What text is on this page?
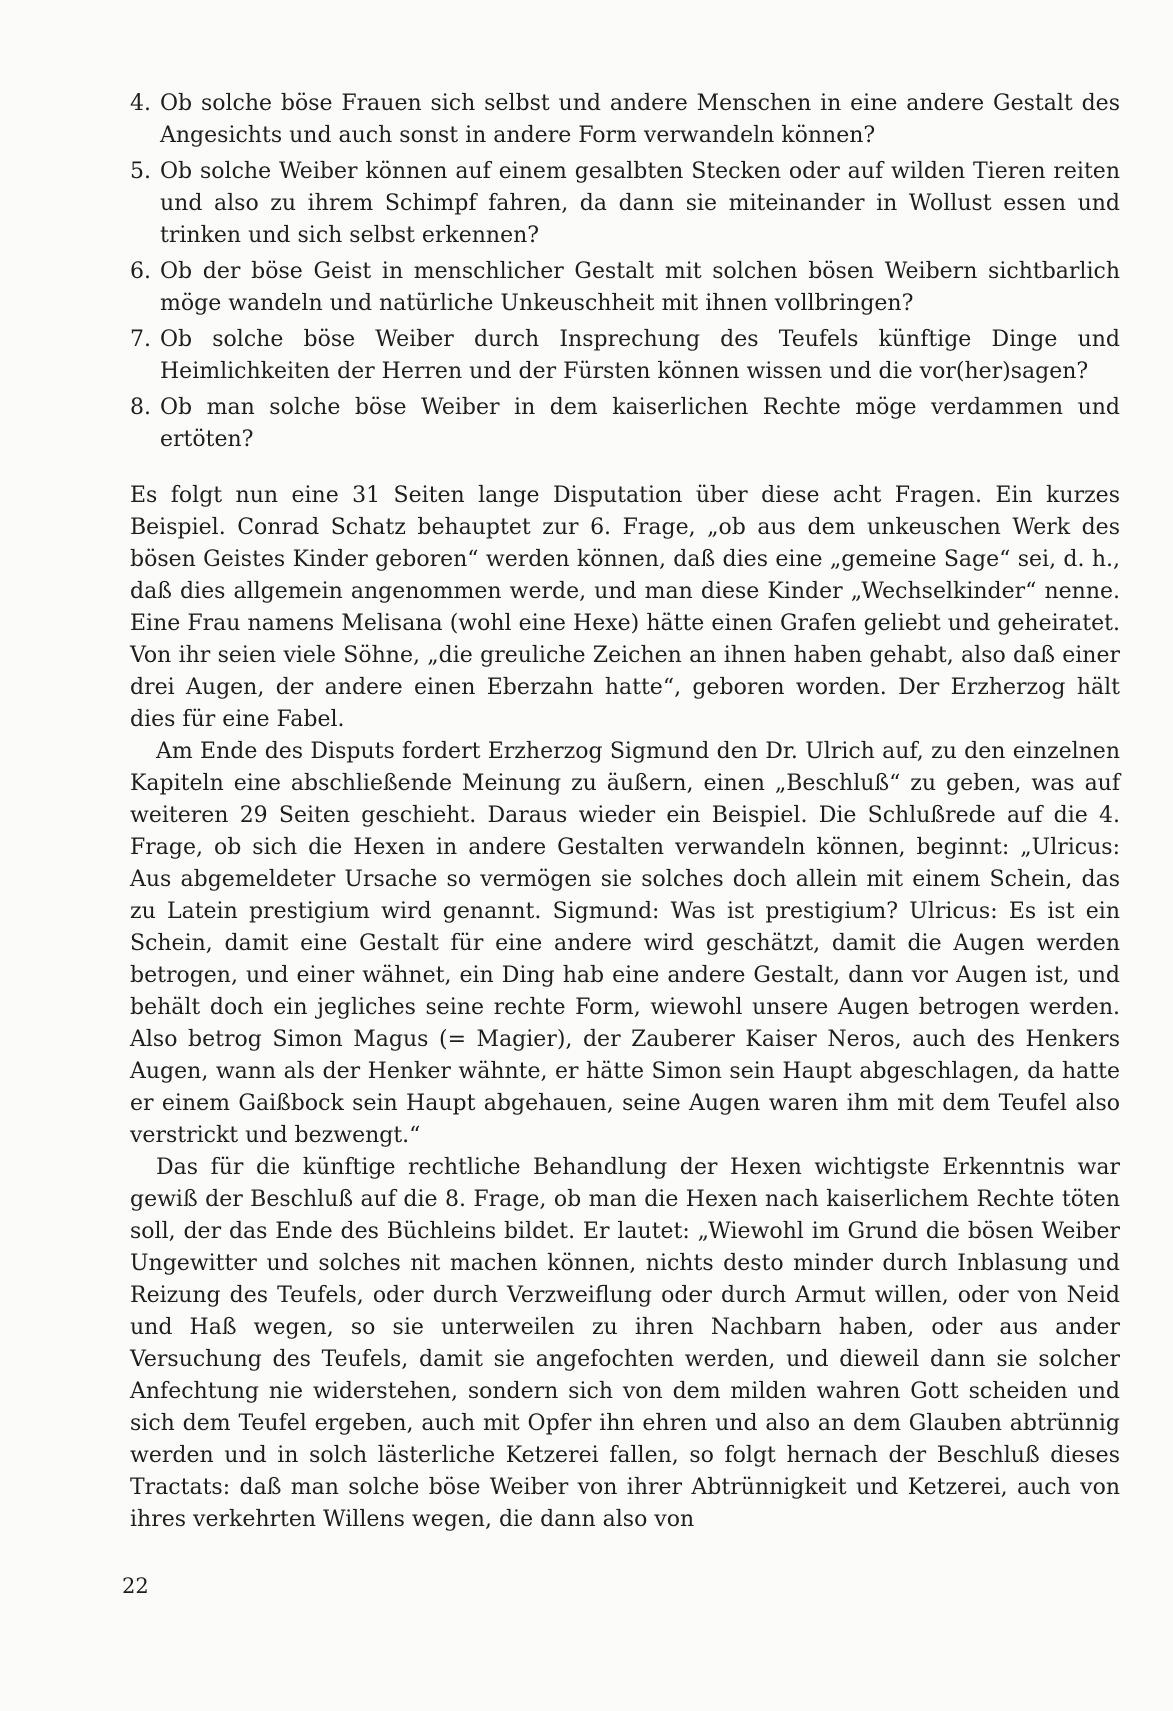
4. Ob solche böse Frauen sich selbst und andere Menschen in eine andere Gestalt des Angesichts und auch sonst in andere Form verwandeln können?
5. Ob solche Weiber können auf einem gesalbten Stecken oder auf wilden Tieren reiten und also zu ihrem Schimpf fahren, da dann sie miteinander in Wollust essen und trinken und sich selbst erkennen?
6. Ob der böse Geist in menschlicher Gestalt mit solchen bösen Weibern sichtbarlich möge wandeln und natürliche Unkeuschheit mit ihnen vollbringen?
7. Ob solche böse Weiber durch Insprechung des Teufels künftige Dinge und Heimlichkeiten der Herren und der Fürsten können wissen und die vor(her)sagen?
8. Ob man solche böse Weiber in dem kaiserlichen Rechte möge verdammen und ertöten?

Es folgt nun eine 31 Seiten lange Disputation über diese acht Fragen. Ein kurzes Beispiel. Conrad Schatz behauptet zur 6. Frage, „ob aus dem unkeuschen Werk des bösen Geistes Kinder geboren“ werden können, daß dies eine „gemeine Sage“ sei, d. h., daß dies allgemein angenommen werde, und man diese Kinder „Wechselkinder“ nenne. Eine Frau namens Melisana (wohl eine Hexe) hätte einen Grafen geliebt und geheiratet. Von ihr seien viele Söhne, „die greuliche Zeichen an ihnen haben gehabt, also daß einer drei Augen, der andere einen Eberzahn hatte“, geboren worden. Der Erzherzog hält dies für eine Fabel.

Am Ende des Disputs fordert Erzherzog Sigmund den Dr. Ulrich auf, zu den einzelnen Kapiteln eine abschließende Meinung zu äußern, einen „Beschluß“ zu geben, was auf weiteren 29 Seiten geschieht. Daraus wieder ein Beispiel. Die Schlußrede auf die 4. Frage, ob sich die Hexen in andere Gestalten verwandeln können, beginnt: „Ulricus: Aus abgemeldeter Ursache so vermögen sie solches doch allein mit einem Schein, das zu Latein prestigium wird genannt. Sigmund: Was ist prestigium? Ulricus: Es ist ein Schein, damit eine Gestalt für eine andere wird geschätzt, damit die Augen werden betrogen, und einer wähnet, ein Ding hab eine andere Gestalt, dann vor Augen ist, und behält doch ein jegliches seine rechte Form, wiewohl unsere Augen betrogen werden. Also betrog Simon Magus (= Magier), der Zauberer Kaiser Neros, auch des Henkers Augen, wann als der Henker wähnte, er hätte Simon sein Haupt abgeschlagen, da hatte er einem Gaißbock sein Haupt abgehauen, seine Augen waren ihm mit dem Teufel also verstrickt und bezwengt.“

Das für die künftige rechtliche Behandlung der Hexen wichtigste Erkenntnis war gewiß der Beschluß auf die 8. Frage, ob man die Hexen nach kaiserlichem Rechte töten soll, der das Ende des Büchleins bildet. Er lautet: „Wiewohl im Grund die bösen Weiber Ungewitter und solches nit machen können, nichts desto minder durch Inblasung und Reizung des Teufels, oder durch Verzweiflung oder durch Armut willen, oder von Neid und Haß wegen, so sie unterweilen zu ihren Nachbarn haben, oder aus ander Versuchung des Teufels, damit sie angefochten werden, und dieweil dann sie solcher Anfechtung nie widerstehen, sondern sich von dem milden wahren Gott scheiden und sich dem Teufel ergeben, auch mit Opfer ihn ehren und also an dem Glauben abtrünnig werden und in solch lästerliche Ketzerei fallen, so folgt hernach der Beschluß dieses Tractats: daß man solche böse Weiber von ihrer Abtrünnigkeit und Ketzerei, auch von ihres verkehrten Willens wegen, die dann also von

22
